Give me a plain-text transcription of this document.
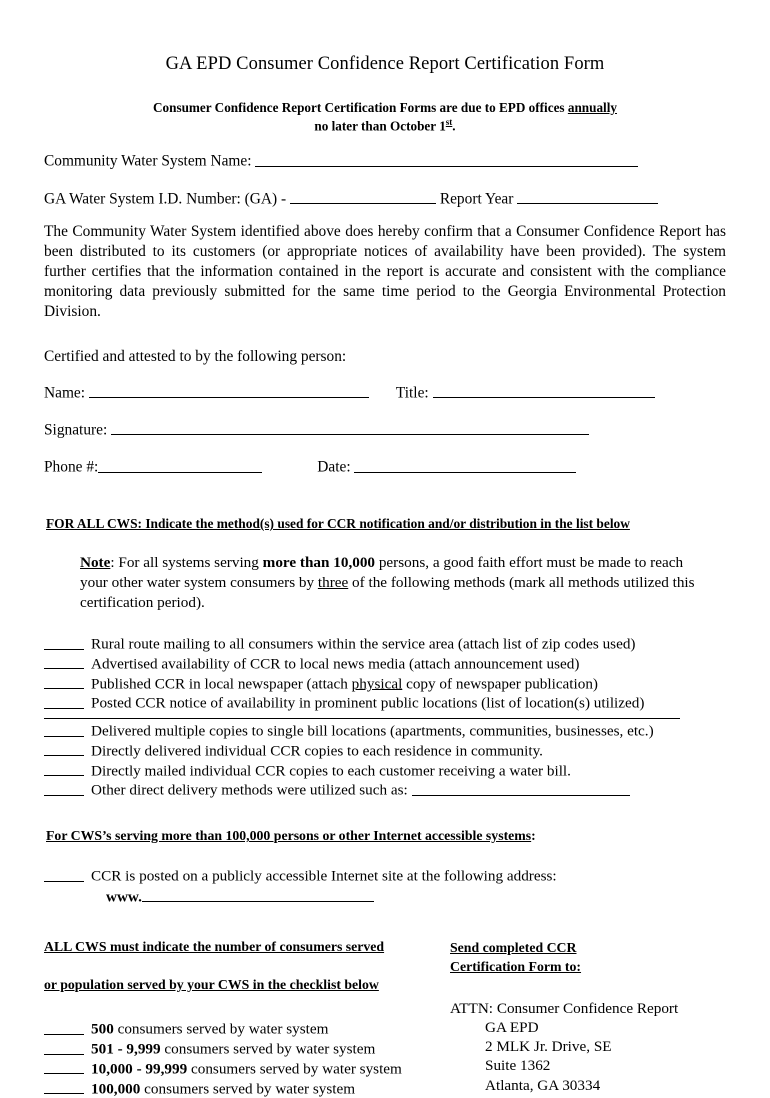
GA EPD Consumer Confidence Report Certification Form
Consumer Confidence Report Certification Forms are due to EPD offices annually
no later than October 1st.
Community Water System Name:
GA Water System I.D. Number: (GA) -	Report Year
The Community Water System identified above does hereby confirm that a Consumer Confidence Report has been distributed to its customers (or appropriate notices of availability have been provided). The system further certifies that the information contained in the report is accurate and consistent with the compliance monitoring data previously submitted for the same time period to the Georgia Environmental Protection Division.
Certified and attested to by the following person:
Name:	Title:
Signature:
Phone #:	Date:
FOR ALL CWS: Indicate the method(s) used for CCR notification and/or distribution in the list below
Note: For all systems serving more than 10,000 persons, a good faith effort must be made to reach your other water system consumers by three of the following methods (mark all methods utilized this certification period).
Rural route mailing to all consumers within the service area (attach list of zip codes used)
Advertised availability of CCR to local news media (attach announcement used)
Published CCR in local newspaper (attach physical copy of newspaper publication)
Posted CCR notice of availability in prominent public locations (list of location(s) utilized)
Delivered multiple copies to single bill locations (apartments, communities, businesses, etc.)
Directly delivered individual CCR copies to each residence in community.
Directly mailed individual CCR copies to each customer receiving a water bill.
Other direct delivery methods were utilized such as:
For CWS’s serving more than 100,000 persons or other Internet accessible systems:
CCR is posted on a publicly accessible Internet site at the following address:
www.
ALL CWS must indicate the number of consumers served
or population served by your CWS in the checklist below
500 consumers served by water system
501 - 9,999 consumers served by water system
10,000 - 99,999 consumers served by water system
100,000 consumers served by water system
Send completed CCR
Certification Form to:
ATTN: Consumer Confidence Report
GA EPD
2 MLK Jr. Drive, SE
Suite 1362
Atlanta, GA 30334
